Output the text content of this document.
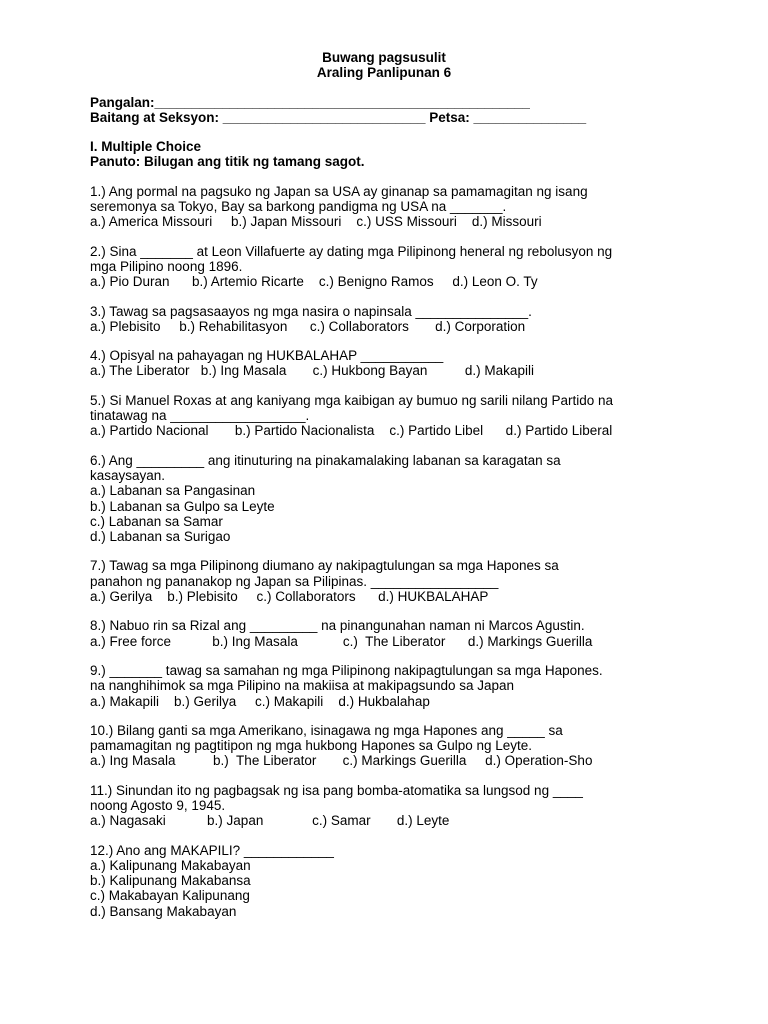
Buwang pagsusulit
Araling Panlipunan 6
Pangalan:__________________________________________________
Baitang at Seksyon: ___________________________ Petsa: _______________
I. Multiple Choice
Panuto: Bilugan ang titik ng tamang sagot.
1.) Ang pormal na pagsuko ng Japan sa USA ay ginanap sa pamamagitan ng isang
seremonya sa Tokyo, Bay sa barkong pandigma ng USA na _______.
a.) America Missouri     b.) Japan Missouri    c.) USS Missouri    d.) Missouri
2.) Sina _______ at Leon Villafuerte ay dating mga Pilipinong heneral ng rebolusyon ng
mga Pilipino noong 1896.
a.) Pio Duran      b.) Artemio Ricarte    c.) Benigno Ramos     d.) Leon O. Ty
3.) Tawag sa pagsasaayos ng mga nasira o napinsala _______________.
a.) Plebisito     b.) Rehabilitasyon      c.) Collaborators       d.) Corporation
4.) Opisyal na pahayagan ng HUKBALAHAP ___________
a.) The Liberator   b.) Ing Masala       c.) Hukbong Bayan          d.) Makapili
5.) Si Manuel Roxas at ang kaniyang mga kaibigan ay bumuo ng sarili nilang Partido na
tinatawag na __________________.
a.) Partido Nacional       b.) Partido Nacionalista    c.) Partido Libel      d.) Partido Liberal
6.) Ang _________ ang itinuturing na pinakamalaking labanan sa karagatan sa
kasaysayan.
a.) Labanan sa Pangasinan
b.) Labanan sa Gulpo sa Leyte
c.) Labanan sa Samar
d.) Labanan sa Surigao
7.) Tawag sa mga Pilipinong diumano ay nakipagtulungan sa mga Hapones sa
panahon ng pananakop ng Japan sa Pilipinas. _________________
a.) Gerilya    b.) Plebisito     c.) Collaborators      d.) HUKBALAHAP
8.) Nabuo rin sa Rizal ang _________ na pinangunahan naman ni Marcos Agustin.
a.) Free force           b.) Ing Masala            c.)  The Liberator      d.) Markings Guerilla
9.) _______ tawag sa samahan ng mga Pilipinong nakipagtulungan sa mga Hapones.
na nanghihimok sa mga Pilipino na makiisa at makipagsundo sa Japan
a.) Makapili    b.) Gerilya     c.) Makapili    d.) Hukbalahap
10.) Bilang ganti sa mga Amerikano, isinagawa ng mga Hapones ang _____ sa
pamamagitan ng pagtitipon ng mga hukbong Hapones sa Gulpo ng Leyte.
a.) Ing Masala          b.)  The Liberator       c.) Markings Guerilla     d.) Operation-Sho
11.) Sinundan ito ng pagbagsak ng isa pang bomba-atomatika sa lungsod ng ____
noong Agosto 9, 1945.
a.) Nagasaki           b.) Japan             c.) Samar       d.) Leyte
12.) Ano ang MAKAPILI? ____________
a.) Kalipunang Makabayan
b.) Kalipunang Makabansa
c.) Makabayan Kalipunang
d.) Bansang Makabayan
